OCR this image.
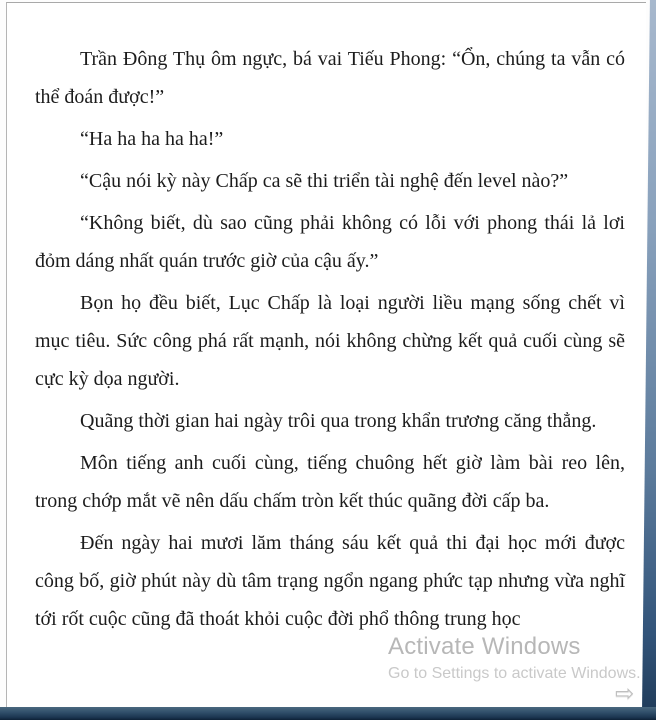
Trần Đông Thụ ôm ngực, bá vai Tiếu Phong: “Ổn, chúng ta vẫn có thể đoán được!”

“Ha ha ha ha ha!”

“Cậu nói kỳ này Chấp ca sẽ thi triển tài nghệ đến level nào?”

“Không biết, dù sao cũng phải không có lỗi với phong thái lả lơi đỏm dáng nhất quán trước giờ của cậu ấy.”

Bọn họ đều biết, Lục Chấp là loại người liều mạng sống chết vì mục tiêu. Sức công phá rất mạnh, nói không chừng kết quả cuối cùng sẽ cực kỳ dọa người.

Quãng thời gian hai ngày trôi qua trong khẩn trương căng thẳng.

Môn tiếng anh cuối cùng, tiếng chuông hết giờ làm bài reo lên, trong chớp mắt vẽ nên dấu chấm tròn kết thúc quãng đời cấp ba.

Đến ngày hai mươi lăm tháng sáu kết quả thi đại học mới được công bố, giờ phút này dù tâm trạng ngổn ngang phức tạp nhưng vừa nghĩ tới rốt cuộc cũng đã thoát khỏi cuộc đời phổ thông trung học

Activate Windows
Go to Settings to activate Windows.
⇨
